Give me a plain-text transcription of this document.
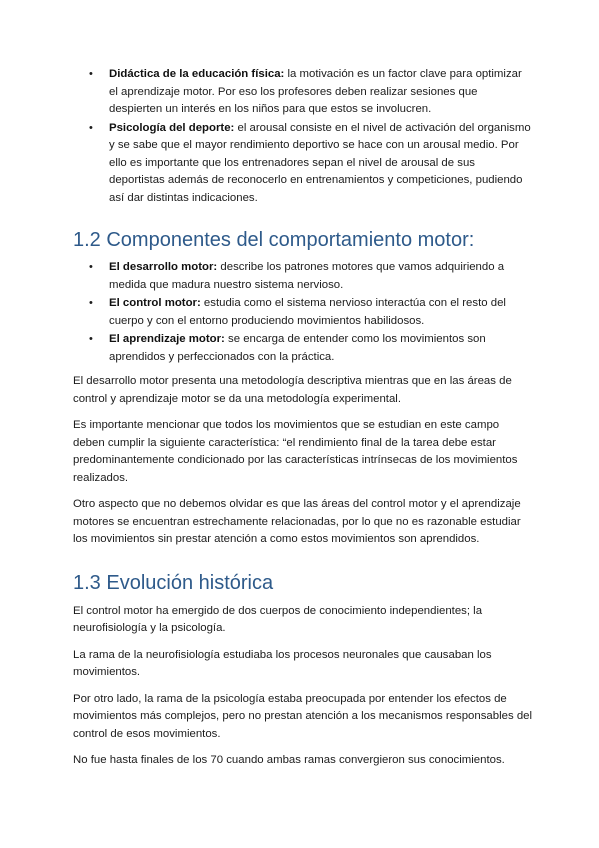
• Didáctica de la educación física: la motivación es un factor clave para optimizar el aprendizaje motor. Por eso los profesores deben realizar sesiones que despierten un interés en los niños para que estos se involucren.
• Psicología del deporte: el arousal consiste en el nivel de activación del organismo y se sabe que el mayor rendimiento deportivo se hace con un arousal medio. Por ello es importante que los entrenadores sepan el nivel de arousal de sus deportistas además de reconocerlo en entrenamientos y competiciones, pudiendo así dar distintas indicaciones.
1.2 Componentes del comportamiento motor:
• El desarrollo motor: describe los patrones motores que vamos adquiriendo a medida que madura nuestro sistema nervioso.
• El control motor: estudia como el sistema nervioso interactúa con el resto del cuerpo y con el entorno produciendo movimientos habilidosos.
• El aprendizaje motor: se encarga de entender como los movimientos son aprendidos y perfeccionados con la práctica.

El desarrollo motor presenta una metodología descriptiva mientras que en las áreas de control y aprendizaje motor se da una metodología experimental.

Es importante mencionar que todos los movimientos que se estudian en este campo deben cumplir la siguiente característica: “el rendimiento final de la tarea debe estar predominantemente condicionado por las características intrínsecas de los movimientos realizados.

Otro aspecto que no debemos olvidar es que las áreas del control motor y el aprendizaje motores se encuentran estrechamente relacionadas, por lo que no es razonable estudiar los movimientos sin prestar atención a como estos movimientos son aprendidos.

1.3 Evolución histórica

El control motor ha emergido de dos cuerpos de conocimiento independientes; la neurofisiología y la psicología.

La rama de la neurofisiología estudiaba los procesos neuronales que causaban los movimientos.

Por otro lado, la rama de la psicología estaba preocupada por entender los efectos de movimientos más complejos, pero no prestan atención a los mecanismos responsables del control de esos movimientos.

No fue hasta finales de los 70 cuando ambas ramas convergieron sus conocimientos.
